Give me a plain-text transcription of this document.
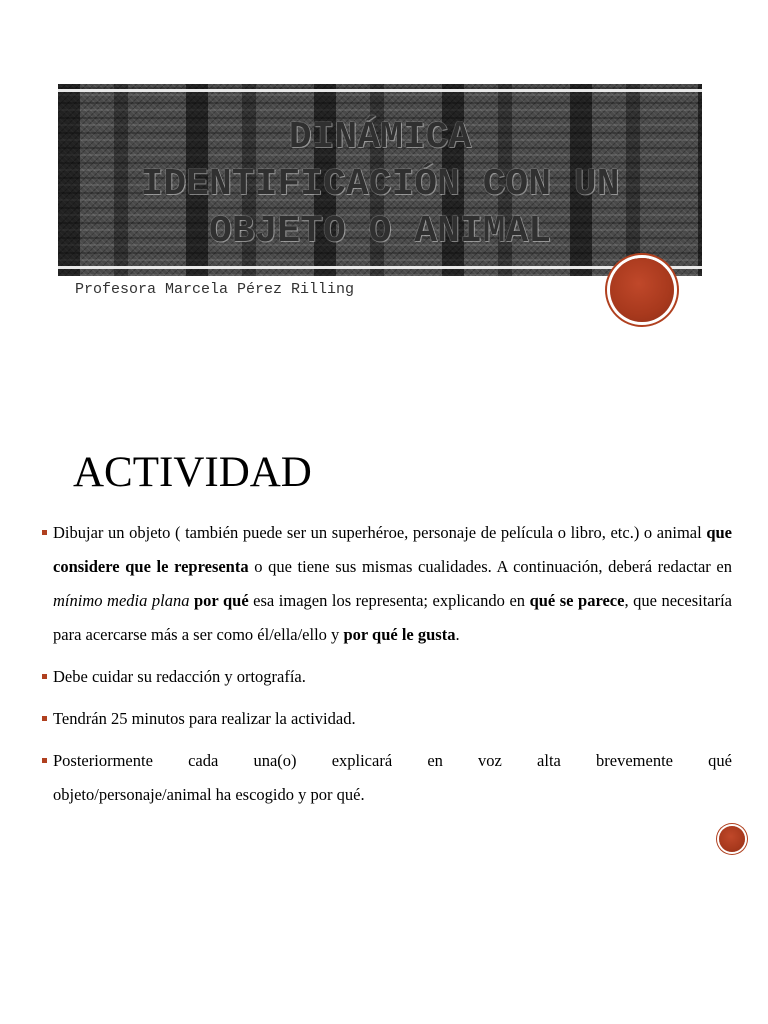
DINÁMICA
IDENTIFICACIÓN CON UN
OBJETO O ANIMAL

Profesora Marcela Pérez Rilling

ACTIVIDAD
Dibujar un objeto ( también puede ser un superhéroe, personaje de película o libro, etc.) o animal que considere que le representa o que tiene sus mismas cualidades. A continuación, deberá redactar en mínimo media plana por qué esa imagen los representa; explicando en qué se parece, que necesitaría para acercarse más a ser como él/ella/ello y por qué le gusta.
Debe cuidar su redacción y ortografía.
Tendrán 25 minutos para realizar la actividad.
Posteriormente cada una(o) explicará en voz alta brevemente qué
objeto/personaje/animal ha escogido y por qué.
